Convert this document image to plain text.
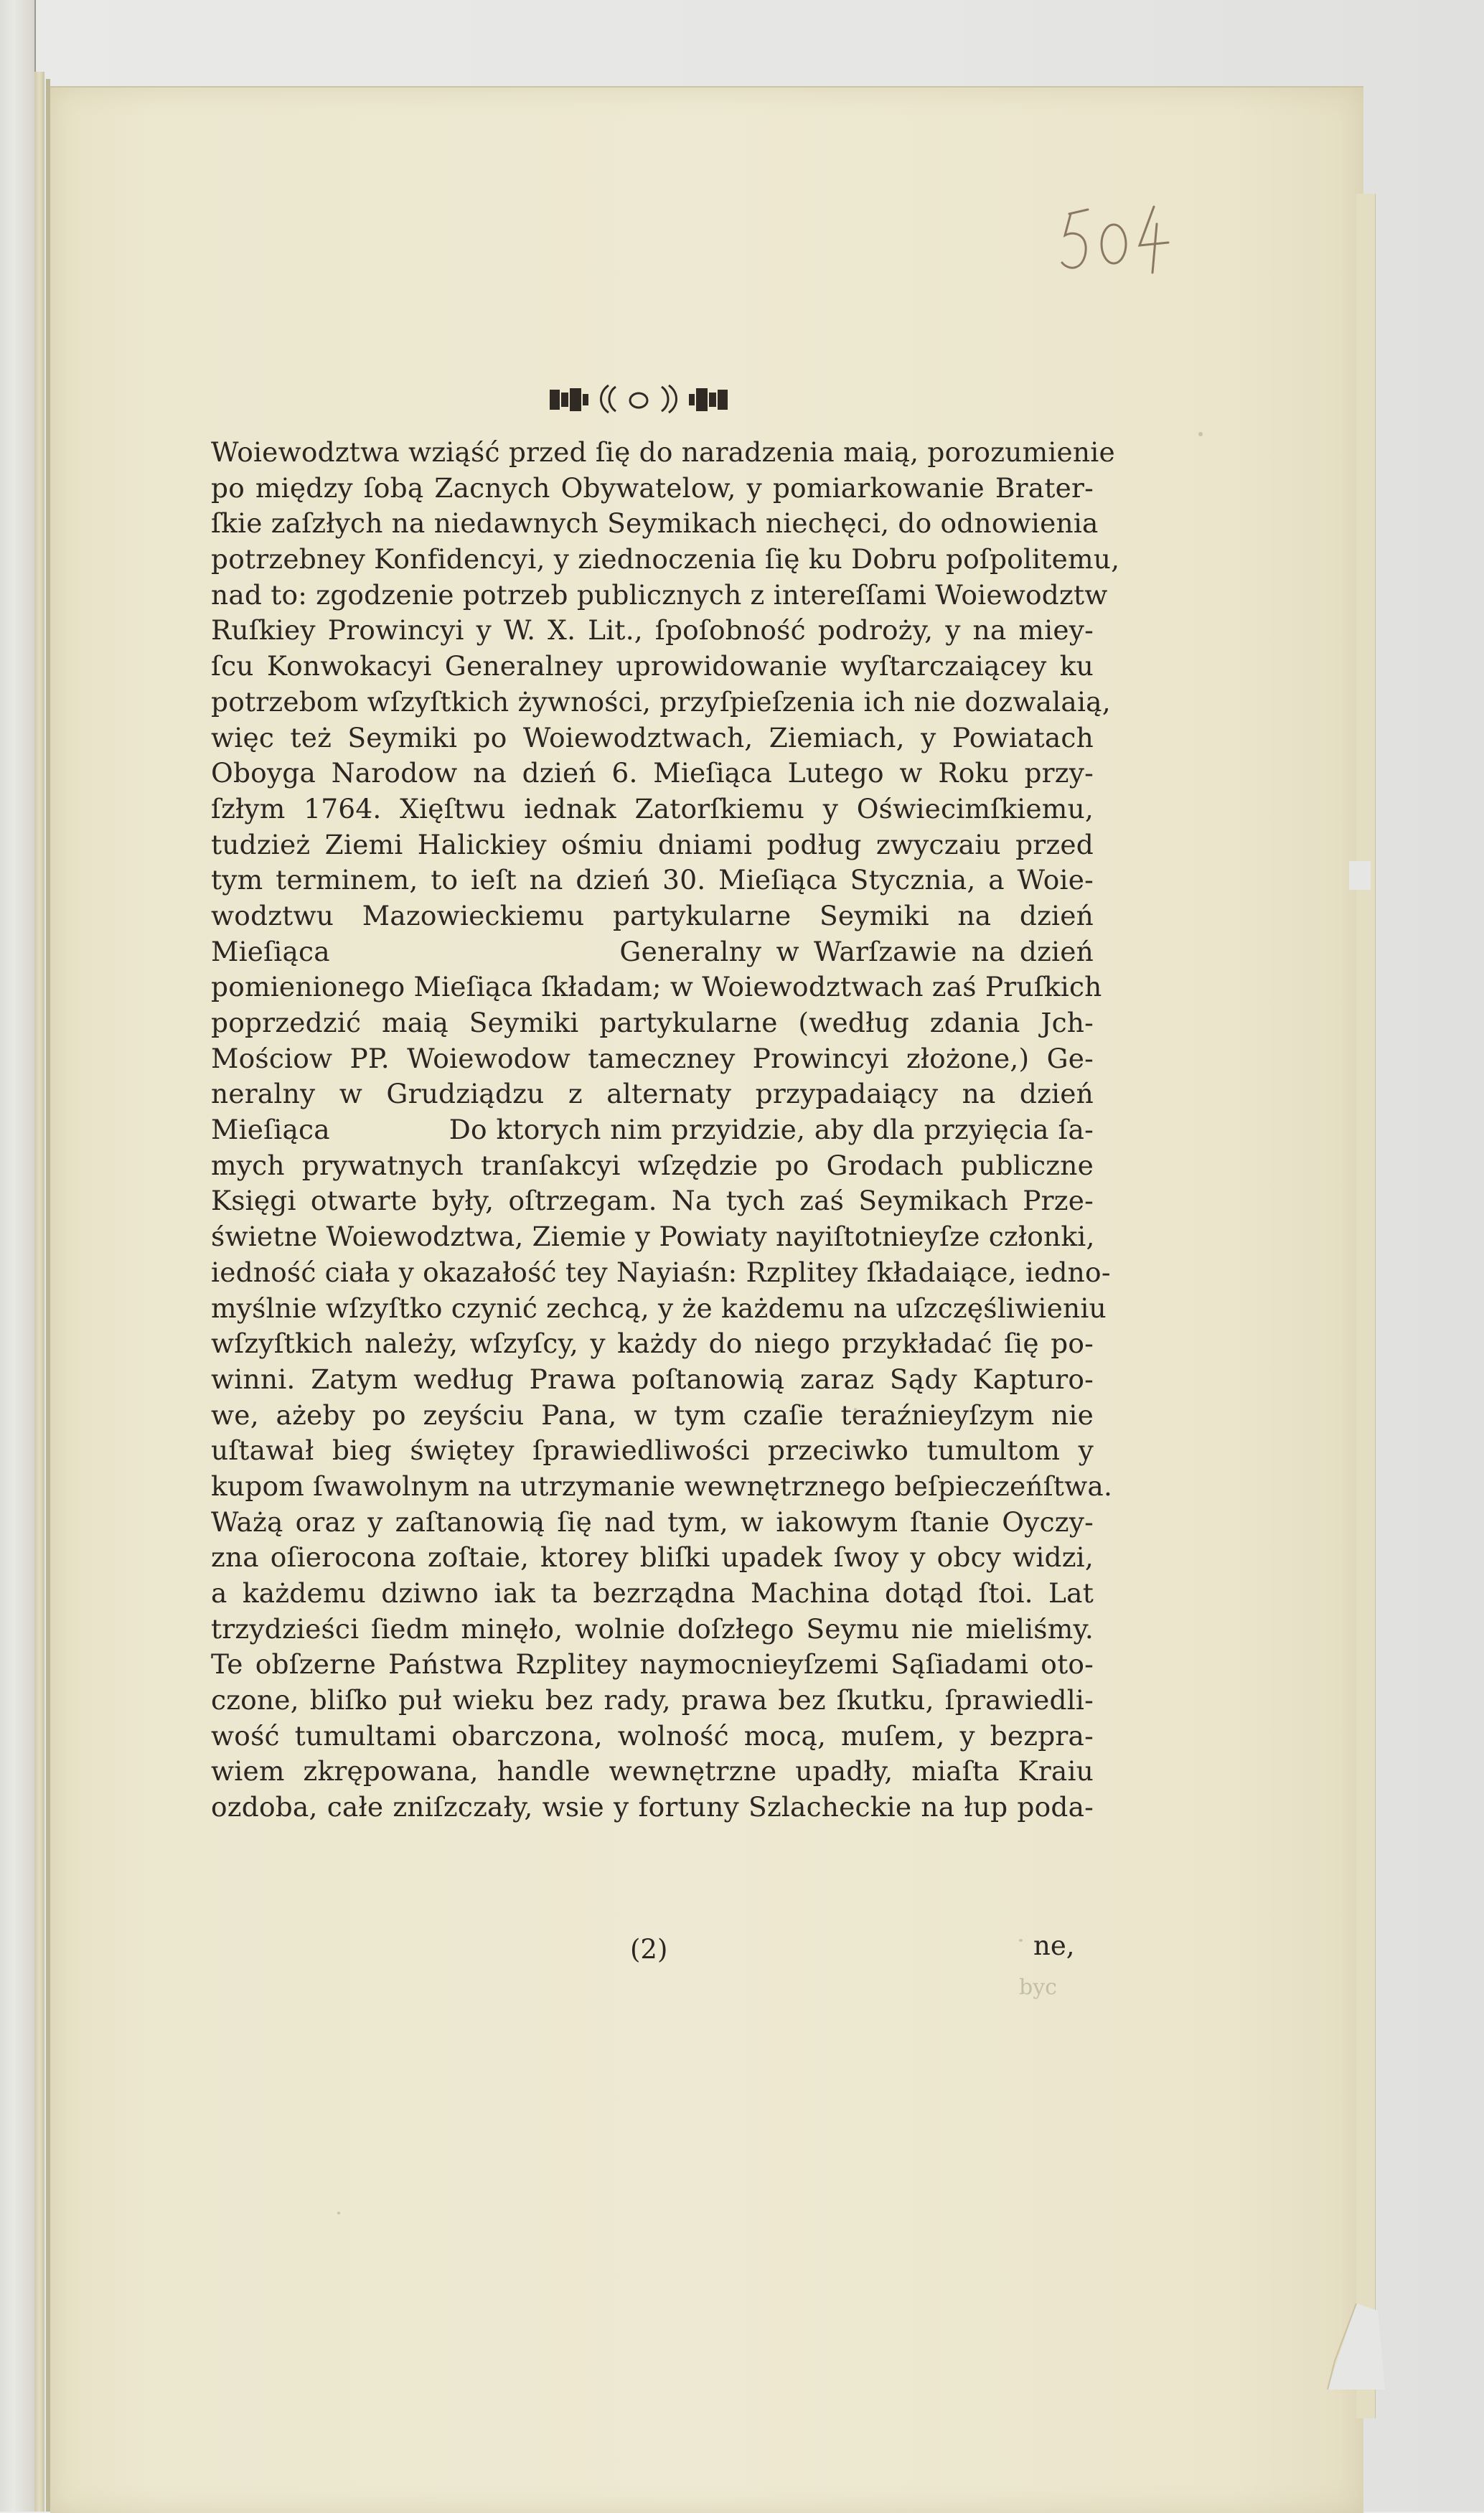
Woiewodztwa wziąść przed ſię do naradzenia maią, porozumienie
po między ſobą Zacnych Obywatelow, y pomiarkowanie Brater-
ſkie zaſzłych na niedawnych Seymikach niechęci, do odnowienia
potrzebney Konfidencyi, y ziednoczenia ſię ku Dobru poſpolitemu,
nad to: zgodzenie potrzeb publicznych z intereſſami Woiewodztw
Ruſkiey Prowincyi y W. X. Lit., ſpoſobność podroży, y na miey-
ſcu Konwokacyi Generalney uprowidowanie wyſtarczaiącey ku
potrzebom wſzyſtkich żywności, przyſpieſzenia ich nie dozwalaią,
więc też Seymiki po Woiewodztwach, Ziemiach, y Powiatach
Oboyga Narodow na dzień 6. Mieſiąca Lutego w Roku przy-
ſzłym 1764. Xięſtwu iednak Zatorſkiemu y Oświecimſkiemu,
tudzież Ziemi Halickiey ośmiu dniami podług zwyczaiu przed
tym terminem, to ieſt na dzień 30. Mieſiąca Stycznia, a Woie-
wodztwu Mazowieckiemu partykularne Seymiki na dzień
Mieſiąca                    Generalny w Warſzawie na dzień
pomienionego Mieſiąca ſkładam; w Woiewodztwach zaś Pruſkich
poprzedzić maią Seymiki partykularne (według zdania Jch-
Mościow PP. Woiewodow tameczney Prowincyi złożone,) Ge-
neralny w Grudziądzu z alternaty przypadaiący na dzień
Mieſiąca             Do ktorych nim przyidzie, aby dla przyięcia ſa-
mych prywatnych tranſakcyi wſzędzie po Grodach publiczne
Księgi otwarte były, oſtrzegam. Na tych zaś Seymikach Prze-
świetne Woiewodztwa, Ziemie y Powiaty nayiſtotnieyſze członki,
iedność ciała y okazałość tey Nayiaśn: Rzplitey ſkładaiące, iedno-
myślnie wſzyſtko czynić zechcą, y że każdemu na uſzczęśliwieniu
wſzyſtkich należy, wſzyſcy, y każdy do niego przykładać ſię po-
winni. Zatym według Prawa poſtanowią zaraz Sądy Kapturo-
we, ażeby po zeyściu Pana, w tym czaſie teraźnieyſzym nie
uſtawał bieg świętey ſprawiedliwości przeciwko tumultom y
kupom ſwawolnym na utrzymanie wewnętrznego beſpieczeńſtwa.
Ważą oraz y zaſtanowią ſię nad tym, w iakowym ſtanie Oyczy-
zna oſierocona zoſtaie, ktorey bliſki upadek ſwoy y obcy widzi,
a każdemu dziwno iak ta bezrządna Machina dotąd ſtoi. Lat
trzydzieści ſiedm minęło, wolnie doſzłego Seymu nie mieliśmy.
Te obſzerne Państwa Rzplitey naymocnieyſzemi Sąſiadami oto-
czone, bliſko puł wieku bez rady, prawa bez ſkutku, ſprawiedli-
wość tumultami obarczona, wolność mocą, muſem, y bezpra-
wiem zkrępowana, handle wewnętrzne upadły, miaſta Kraiu
ozdoba, całe zniſzczały, wsie y fortuny Szlacheckie na łup poda-
(2)	ne,
byc
